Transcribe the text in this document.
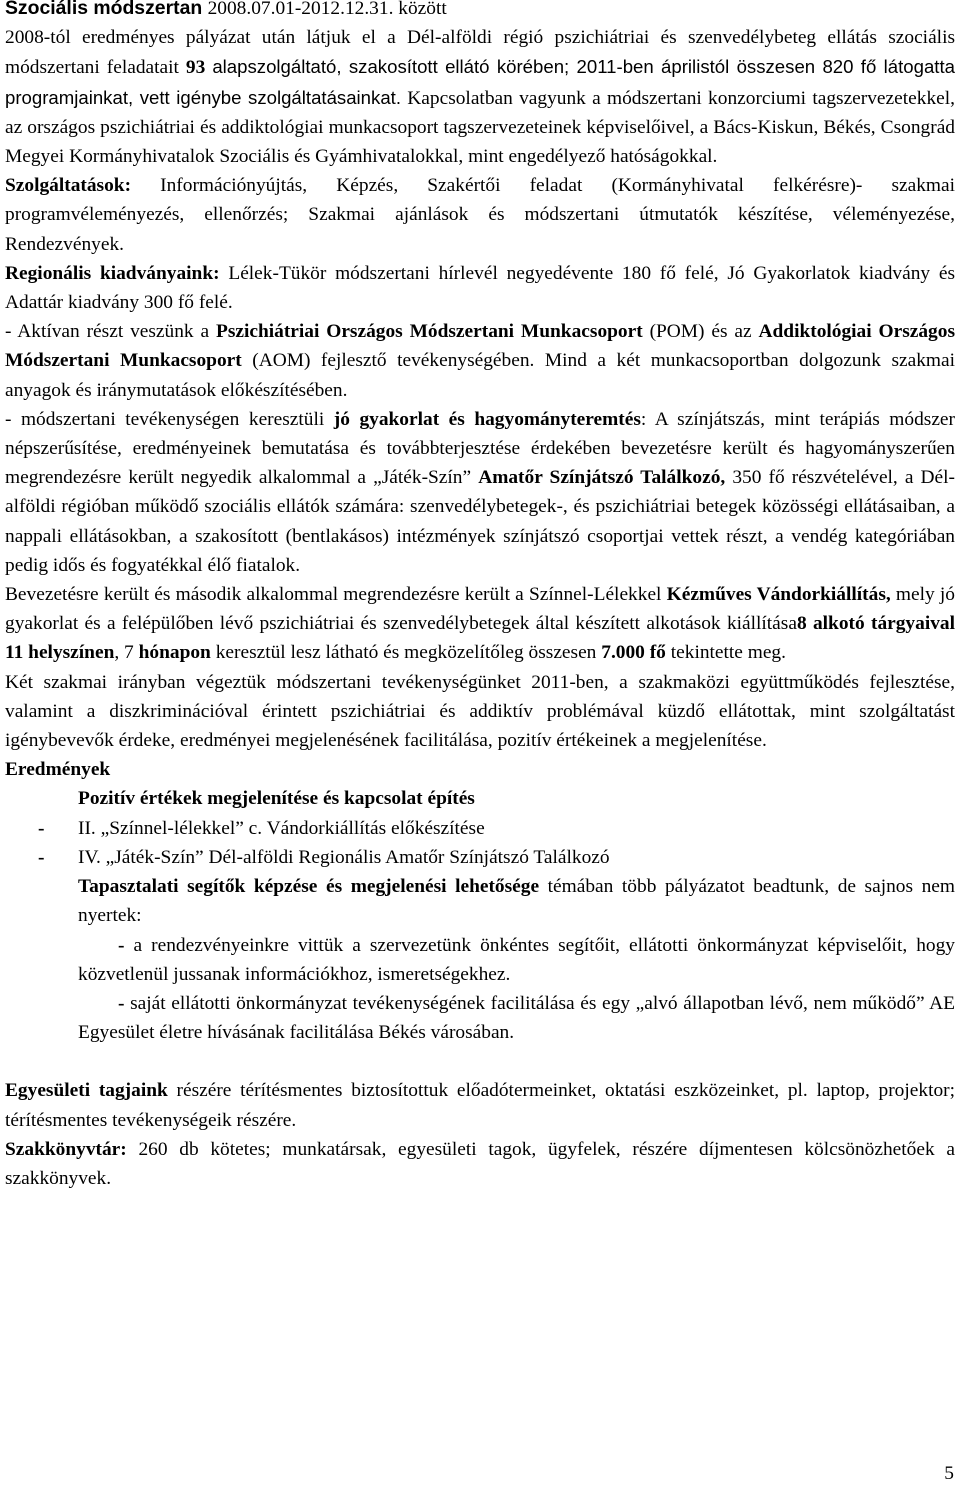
Szociális módszertan 2008.07.01-2012.12.31. között

2008-tól eredményes pályázat után látjuk el a Dél-alföldi régió pszichiátriai és szenvedélybeteg ellátás szociális módszertani feladatait 93 alapszolgáltató, szakosított ellátó körében; 2011-ben áprilistól összesen 820 fő látogatta programjainkat, vett igénybe szolgáltatásainkat. Kapcsolatban vagyunk a módszertani konzorciumi tagszervezetekkel, az országos pszichiátriai és addiktológiai munkacsoport tagszervezeteinek képviselőivel, a Bács-Kiskun, Békés, Csongrád Megyei Kormányhivatalok Szociális és Gyámhivatalokkal, mint engedélyező hatóságokkal.

Szolgáltatások: Információnyújtás, Képzés, Szakértői feladat (Kormányhivatal felkérésre)- szakmai programvéleményezés, ellenőrzés; Szakmai ajánlások és módszertani útmutatók készítése, véleményezése, Rendezvények.

Regionális kiadványaink: Lélek-Tükör módszertani hírlevél negyedévente 180 fő felé, Jó Gyakorlatok kiadvány és Adattár kiadvány 300 fő felé.

- Aktívan részt veszünk a Pszichiátriai Országos Módszertani Munkacsoport (POM) és az Addiktológiai Országos Módszertani Munkacsoport (AOM) fejlesztő tevékenységében. Mind a két munkacsoportban dolgozunk szakmai anyagok és iránymutatások előkészítésében.

- módszertani tevékenységen keresztüli jó gyakorlat és hagyományteremtés: A színjátszás, mint terápiás módszer népszerűsítése, eredményeinek bemutatása és továbbterjesztése érdekében bevezetésre került és hagyományszerűen megrendezésre került negyedik alkalommal a „Játék-Szín” Amatőr Színjátszó Találkozó, 350 fő részvételével, a Dél-alföldi régióban működő szociális ellátók számára: szenvedélybetegek-, és pszichiátriai betegek közösségi ellátásaiban, a nappali ellátásokban, a szakosított (bentlakásos) intézmények színjátszó csoportjai vettek részt, a vendég kategóriában pedig idős és fogyatékkal élő fiatalok.

Bevezetésre került és második alkalommal megrendezésre került a Színnel-Lélekkel Kézműves Vándorkiállítás, mely jó gyakorlat és a felépülőben lévő pszichiátriai és szenvedélybetegek által készített alkotások kiállítása8 alkotó tárgyaival 11 helyszínen, 7 hónapon keresztül lesz látható és megközelítőleg összesen 7.000 fő tekintette meg.

Két szakmai irányban végeztük módszertani tevékenységünket 2011-ben, a szakmaközi együttműködés fejlesztése, valamint a diszkriminációval érintett pszichiátriai és addiktív problémával küzdő ellátottak, mint szolgáltatást igénybevevők érdeke, eredményei megjelenésének facilitálása, pozitív értékeinek a megjelenítése.

Eredmények

Pozitív értékek megjelenítése és kapcsolat építés

- II. „Színnel-lélekkel” c. Vándorkiállítás előkészítése

- IV. „Játék-Szín” Dél-alföldi Regionális Amatőr Színjátszó Találkozó

Tapasztalati segítők képzése és megjelenési lehetősége témában több pályázatot beadtunk, de sajnos nem nyertek:

- a rendezvényeinkre vittük a szervezetünk önkéntes segítőit, ellátotti önkormányzat képviselőit, hogy közvetlenül jussanak információkhoz, ismeretségekhez.

- saját ellátotti önkormányzat tevékenységének facilitálása és egy „alvó állapotban lévő, nem működő” AE Egyesület életre hívásának facilitálása Békés városában.

Egyesületi tagjaink részére térítésmentes biztosítottuk előadótermeinket, oktatási eszközeinket, pl. laptop, projektor; térítésmentes tevékenységeik részére.

Szakkönyvtár: 260 db kötetes; munkatársak, egyesületi tagok, ügyfelek, részére díjmentesen kölcsönözhetőek a szakkönyvek.

5
